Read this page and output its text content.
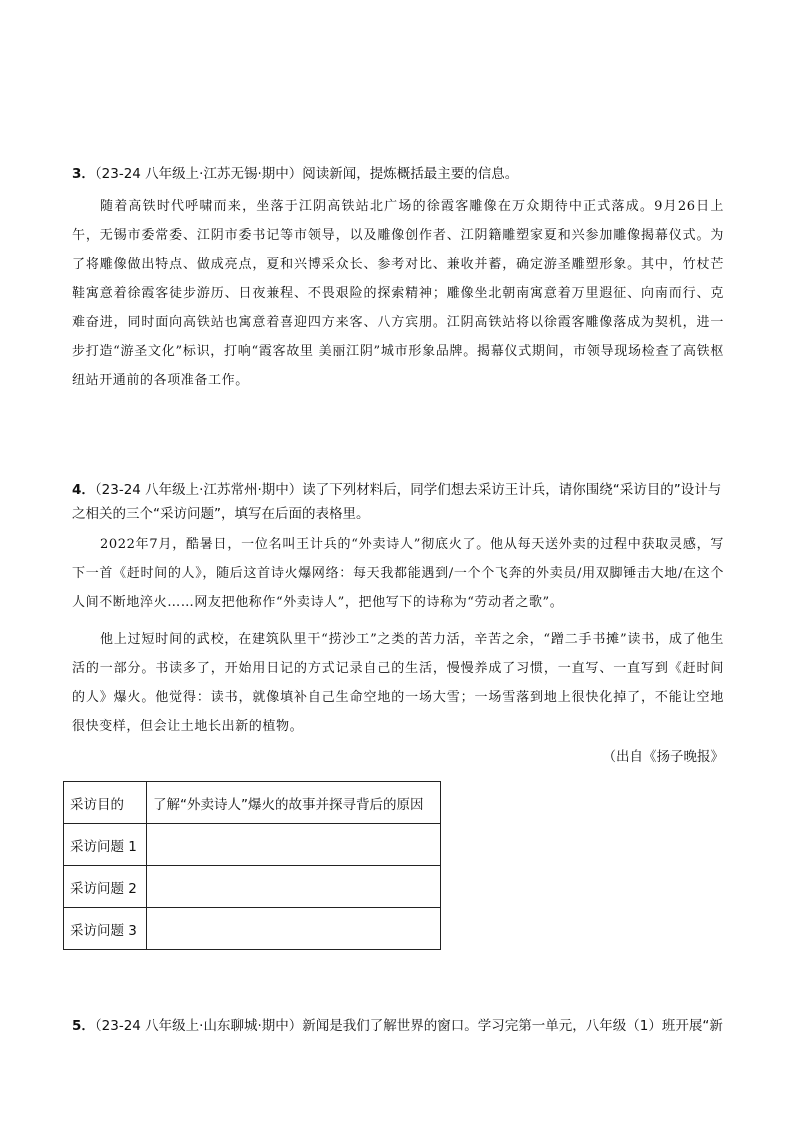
3．（23-24 八年级上·江苏无锡·期中）阅读新闻，提炼概括最主要的信息。

随着高铁时代呼啸而来，坐落于江阴高铁站北广场的徐霞客雕像在万众期待中正式落成。9月26日上午，无锡市委常委、江阴市委书记等市领导，以及雕像创作者、江阴籍雕塑家夏和兴参加雕像揭幕仪式。为了将雕像做出特点、做成亮点，夏和兴博采众长、参考对比、兼收并蓄，确定游圣雕塑形象。其中，竹杖芒鞋寓意着徐霞客徒步游历、日夜兼程、不畏艰险的探索精神；雕像坐北朝南寓意着万里遐征、向南而行、克难奋进，同时面向高铁站也寓意着喜迎四方来客、八方宾朋。江阴高铁站将以徐霞客雕像落成为契机，进一步打造“游圣文化”标识，打响“霞客故里 美丽江阴”城市形象品牌。揭幕仪式期间，市领导现场检查了高铁枢纽站开通前的各项准备工作。

4．（23-24 八年级上·江苏常州·期中）读了下列材料后，同学们想去采访王计兵，请你围绕“采访目的”设计与之相关的三个“采访问题”，填写在后面的表格里。

2022年7月，酷暑日，一位名叫王计兵的“外卖诗人”彻底火了。他从每天送外卖的过程中获取灵感，写下一首《赶时间的人》，随后这首诗火爆网络：每天我都能遇到/一个个飞奔的外卖员/用双脚锤击大地/在这个人间不断地淬火……网友把他称作“外卖诗人”，把他写下的诗称为“劳动者之歌”。

他上过短时间的武校，在建筑队里干“捞沙工”之类的苦力活，辛苦之余，“蹭二手书摊”读书，成了他生活的一部分。书读多了，开始用日记的方式记录自己的生活，慢慢养成了习惯，一直写、一直写到《赶时间的人》爆火。他觉得：读书，就像填补自己生命空地的一场大雪；一场雪落到地上很快化掉了，不能让空地很快变样，但会让土地长出新的植物。

（出自《扬子晚报》

采访目的	了解“外卖诗人”爆火的故事并探寻背后的原因
采访问题 1	
采访问题 2	
采访问题 3	

5．（23-24 八年级上·山东聊城·期中）新闻是我们了解世界的窗口。学习完第一单元，八年级（1）班开展“新
